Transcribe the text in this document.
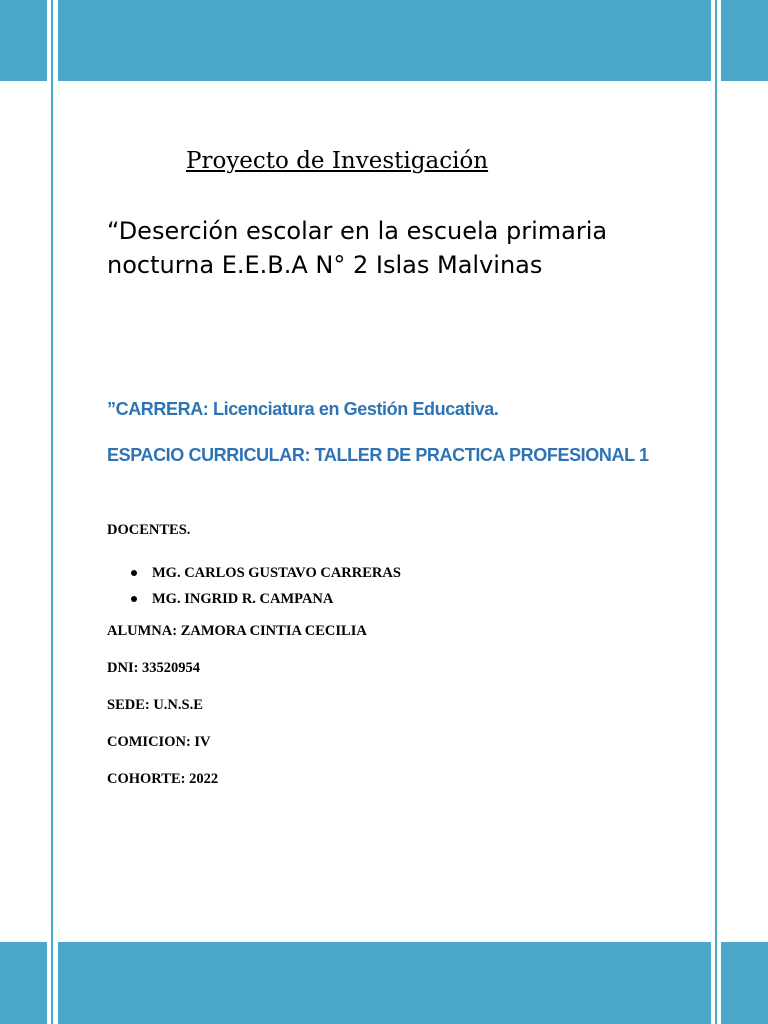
Proyecto de Investigación
“Deserción escolar en la escuela primaria nocturna E.E.B.A N° 2 Islas Malvinas
”CARRERA: Licenciatura en Gestión Educativa.
ESPACIO CURRICULAR: TALLER DE PRACTICA PROFESIONAL 1
DOCENTES.
MG. CARLOS GUSTAVO CARRERAS
MG. INGRID R. CAMPANA
ALUMNA: ZAMORA CINTIA CECILIA
DNI: 33520954
SEDE: U.N.S.E
COMICION: IV
COHORTE: 2022
